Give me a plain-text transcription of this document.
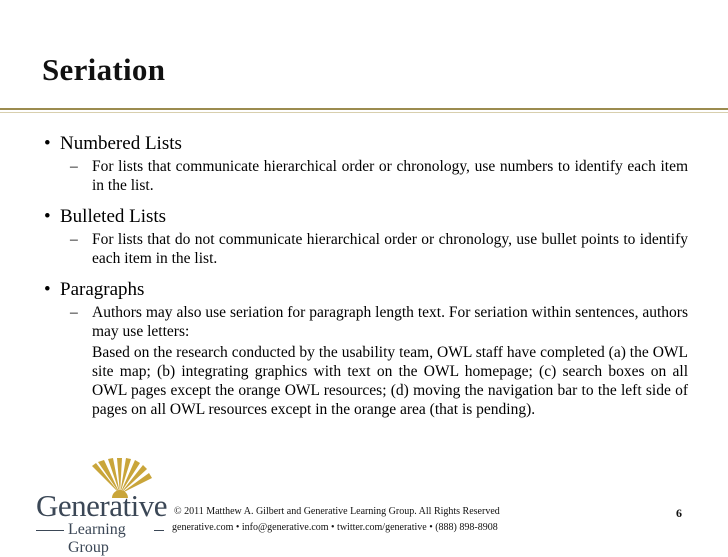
Seriation
• Numbered Lists
– For lists that communicate hierarchical order or chronology, use numbers to identify each item in the list.
• Bulleted Lists
– For lists that do not communicate hierarchical order or chronology, use bullet points to identify each item in the list.
• Paragraphs
– Authors may also use seriation for paragraph length text. For seriation within sentences, authors may use letters:
Based on the research conducted by the usability team, OWL staff have completed (a) the OWL site map; (b) integrating graphics with text on the OWL homepage; (c) search boxes on all OWL pages except the orange OWL resources; (d) moving the navigation bar to the left side of pages on all OWL resources except in the orange area (that is pending).
Generative
Learning Group
© 2011 Matthew A. Gilbert and Generative Learning Group. All Rights Reserved
generative.com • info@generative.com • twitter.com/generative • (888) 898-8908
6
